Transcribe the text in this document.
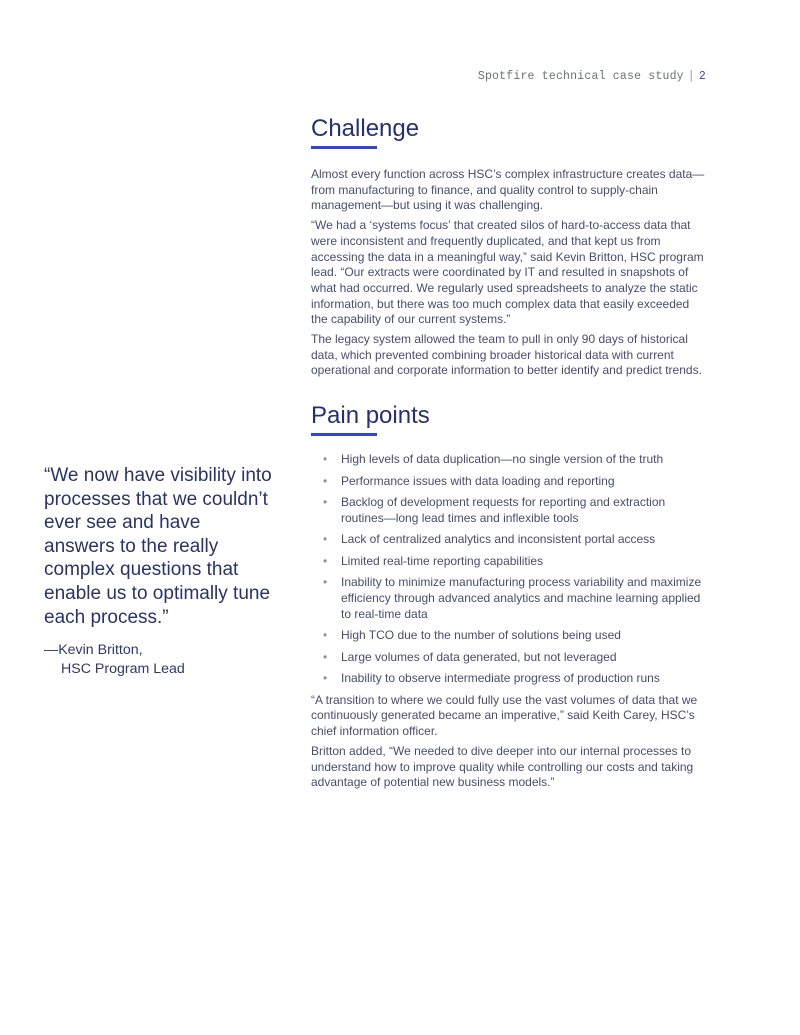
Spotfire technical case study | 2

“We now have visibility into processes that we couldn’t ever see and have answers to the really complex questions that enable us to optimally tune each process.”

—Kevin Britton,
HSC Program Lead
Challenge

Almost every function across HSC’s complex infrastructure creates data—from manufacturing to finance, and quality control to supply-chain management—but using it was challenging.

“We had a ‘systems focus’ that created silos of hard-to-access data that were inconsistent and frequently duplicated, and that kept us from accessing the data in a meaningful way,” said Kevin Britton, HSC program lead. “Our extracts were coordinated by IT and resulted in snapshots of what had occurred. We regularly used spreadsheets to analyze the static information, but there was too much complex data that easily exceeded the capability of our current systems.”

The legacy system allowed the team to pull in only 90 days of historical data, which prevented combining broader historical data with current operational and corporate information to better identify and predict trends.

Pain points
• High levels of data duplication—no single version of the truth
• Performance issues with data loading and reporting
• Backlog of development requests for reporting and extraction routines—long lead times and inflexible tools
• Lack of centralized analytics and inconsistent portal access
• Limited real-time reporting capabilities
• Inability to minimize manufacturing process variability and maximize efficiency through advanced analytics and machine learning applied to real-time data
• High TCO due to the number of solutions being used
• Large volumes of data generated, but not leveraged
• Inability to observe intermediate progress of production runs

“A transition to where we could fully use the vast volumes of data that we continuously generated became an imperative,” said Keith Carey, HSC’s chief information officer.

Britton added, “We needed to dive deeper into our internal processes to understand how to improve quality while controlling our costs and taking advantage of potential new business models.”
